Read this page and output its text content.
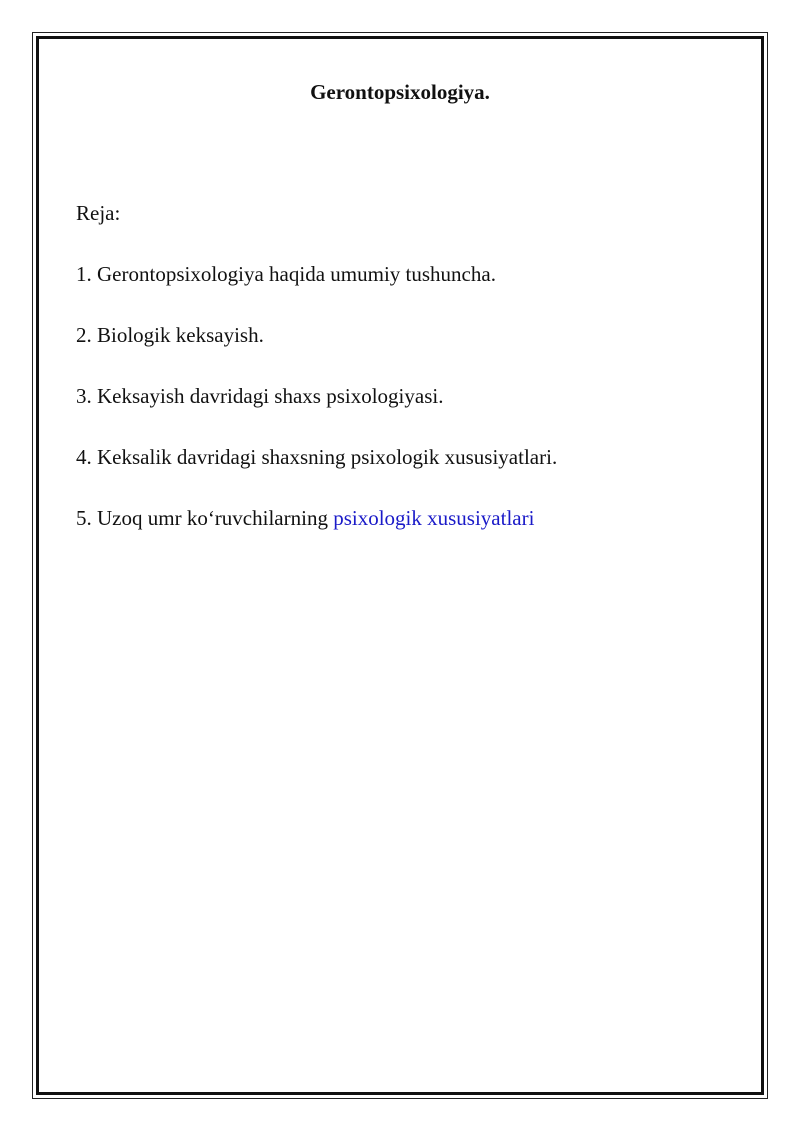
Gerontopsixologiya.

Reja:

1. Gerontopsixologiya haqida umumiy tushuncha.
2. Biologik keksayish.
3. Keksayish davridagi shaxs psixologiyasi.
4. Keksalik davridagi shaxsning psixologik xususiyatlari.
5. Uzoq umr ko‘ruvchilarning psixologik xususiyatlari
